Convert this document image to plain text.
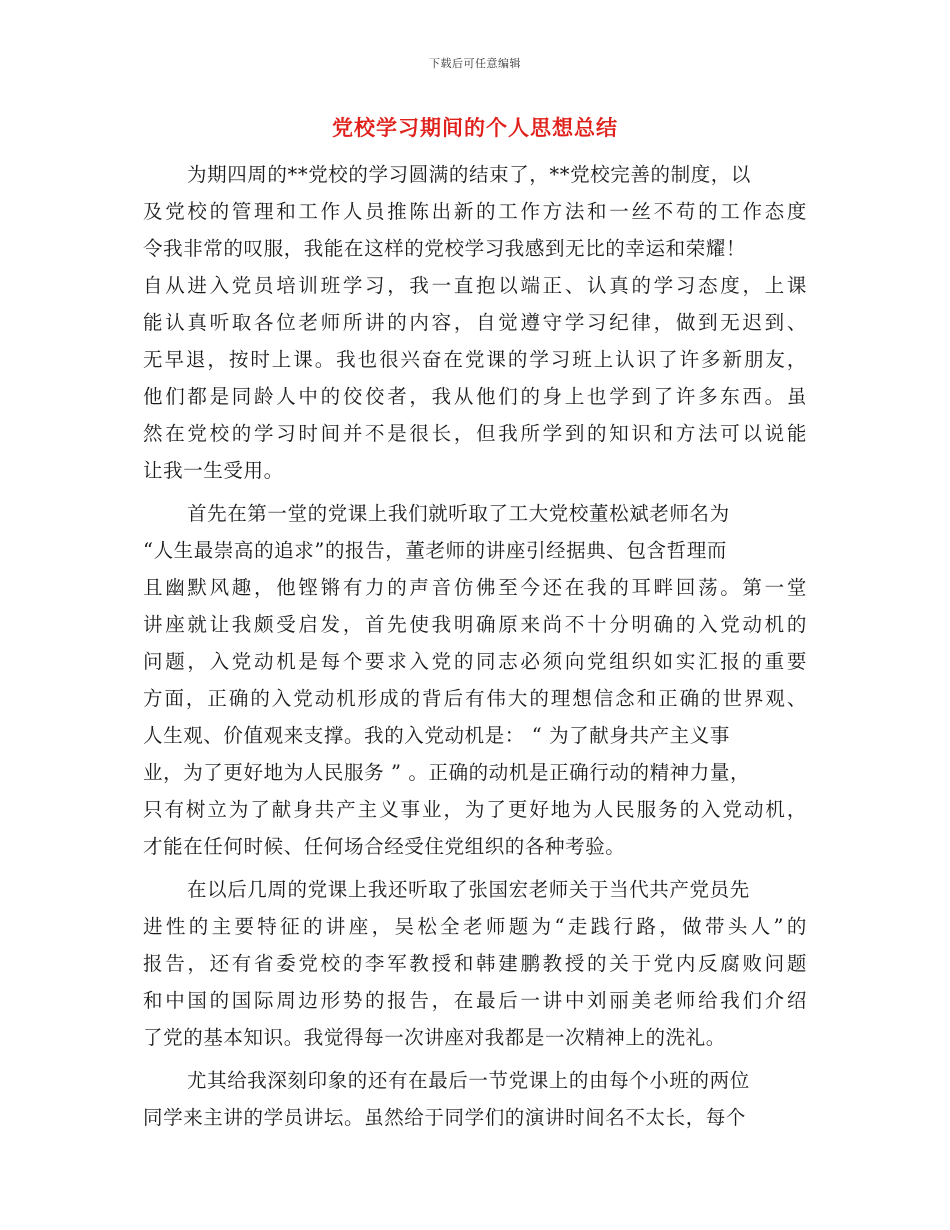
下载后可任意编辑
党校学习期间的个人思想总结
为期四周的**党校的学习圆满的结束了，**党校完善的制度，以
及党校的管理和工作人员推陈出新的工作方法和一丝不苟的工作态度
令我非常的叹服，我能在这样的党校学习我感到无比的幸运和荣耀！
自从进入党员培训班学习，我一直抱以端正、认真的学习态度，上课
能认真听取各位老师所讲的内容，自觉遵守学习纪律，做到无迟到、
无早退，按时上课。我也很兴奋在党课的学习班上认识了许多新朋友，
他们都是同龄人中的佼佼者，我从他们的身上也学到了许多东西。虽
然在党校的学习时间并不是很长，但我所学到的知识和方法可以说能
让我一生受用。
首先在第一堂的党课上我们就听取了工大党校董松斌老师名为
“人生最崇高的追求”的报告，董老师的讲座引经据典、包含哲理而
且幽默风趣，他铿锵有力的声音仿佛至今还在我的耳畔回荡。第一堂
讲座就让我颇受启发，首先使我明确原来尚不十分明确的入党动机的
问题，入党动机是每个要求入党的同志必须向党组织如实汇报的重要
方面，正确的入党动机形成的背后有伟大的理想信念和正确的世界观、
人生观、价值观来支撑。我的入党动机是： “ 为了献身共产主义事
业，为了更好地为人民服务 ” 。正确的动机是正确行动的精神力量，
只有树立为了献身共产主义事业，为了更好地为人民服务的入党动机，
才能在任何时候、任何场合经受住党组织的各种考验。
在以后几周的党课上我还听取了张国宏老师关于当代共产党员先
进性的主要特征的讲座，吴松全老师题为“走践行路，做带头人”的
报告，还有省委党校的李军教授和韩建鹏教授的关于党内反腐败问题
和中国的国际周边形势的报告，在最后一讲中刘丽美老师给我们介绍
了党的基本知识。我觉得每一次讲座对我都是一次精神上的洗礼。
尤其给我深刻印象的还有在最后一节党课上的由每个小班的两位
同学来主讲的学员讲坛。虽然给于同学们的演讲时间名不太长，每个
